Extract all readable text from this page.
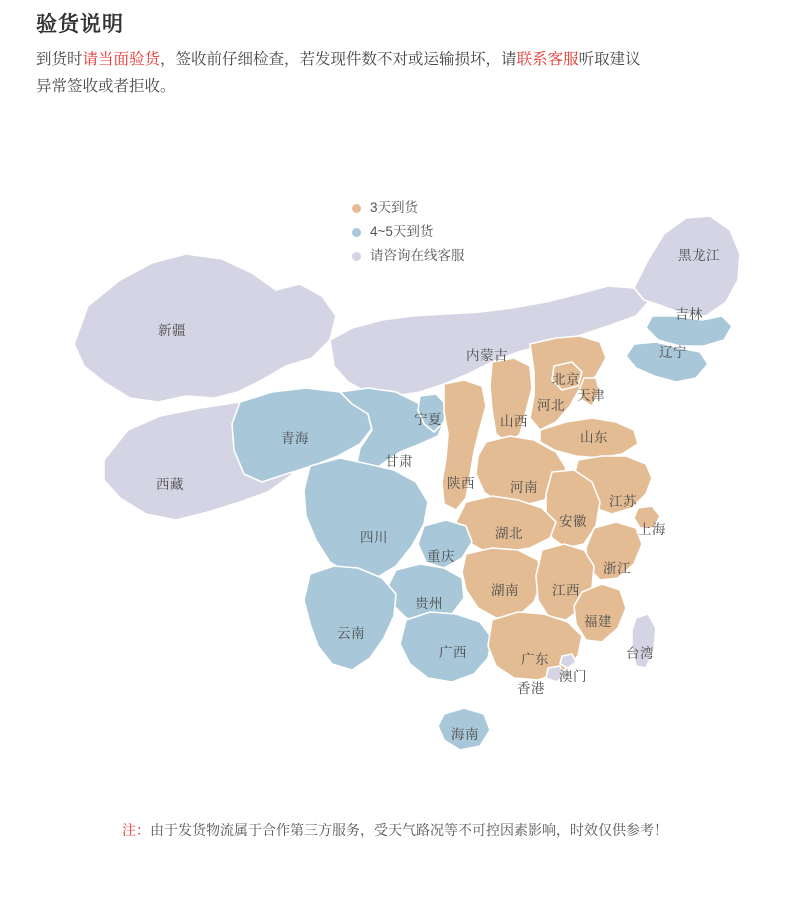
验货说明
到货时请当面验货，签收前仔细检查，若发现件数不对或运输损坏，请联系客服听取建议
异常签收或者拒收。
3天到货
4~5天到货
请咨询在线客服	黑龙江
吉林
辽宁
内蒙古
新疆
北京
天津
河北
山西
山东
宁夏
青海
甘肃
陕西	河南
江苏
安徽
上海
西藏
湖北
四川
重庆
浙江
湖南 江西
贵州
福建
云南
广西	广东	台湾
香港
澳门
海南
注：由于发货物流属于合作第三方服务，受天气路况等不可控因素影响，时效仅供参考！
